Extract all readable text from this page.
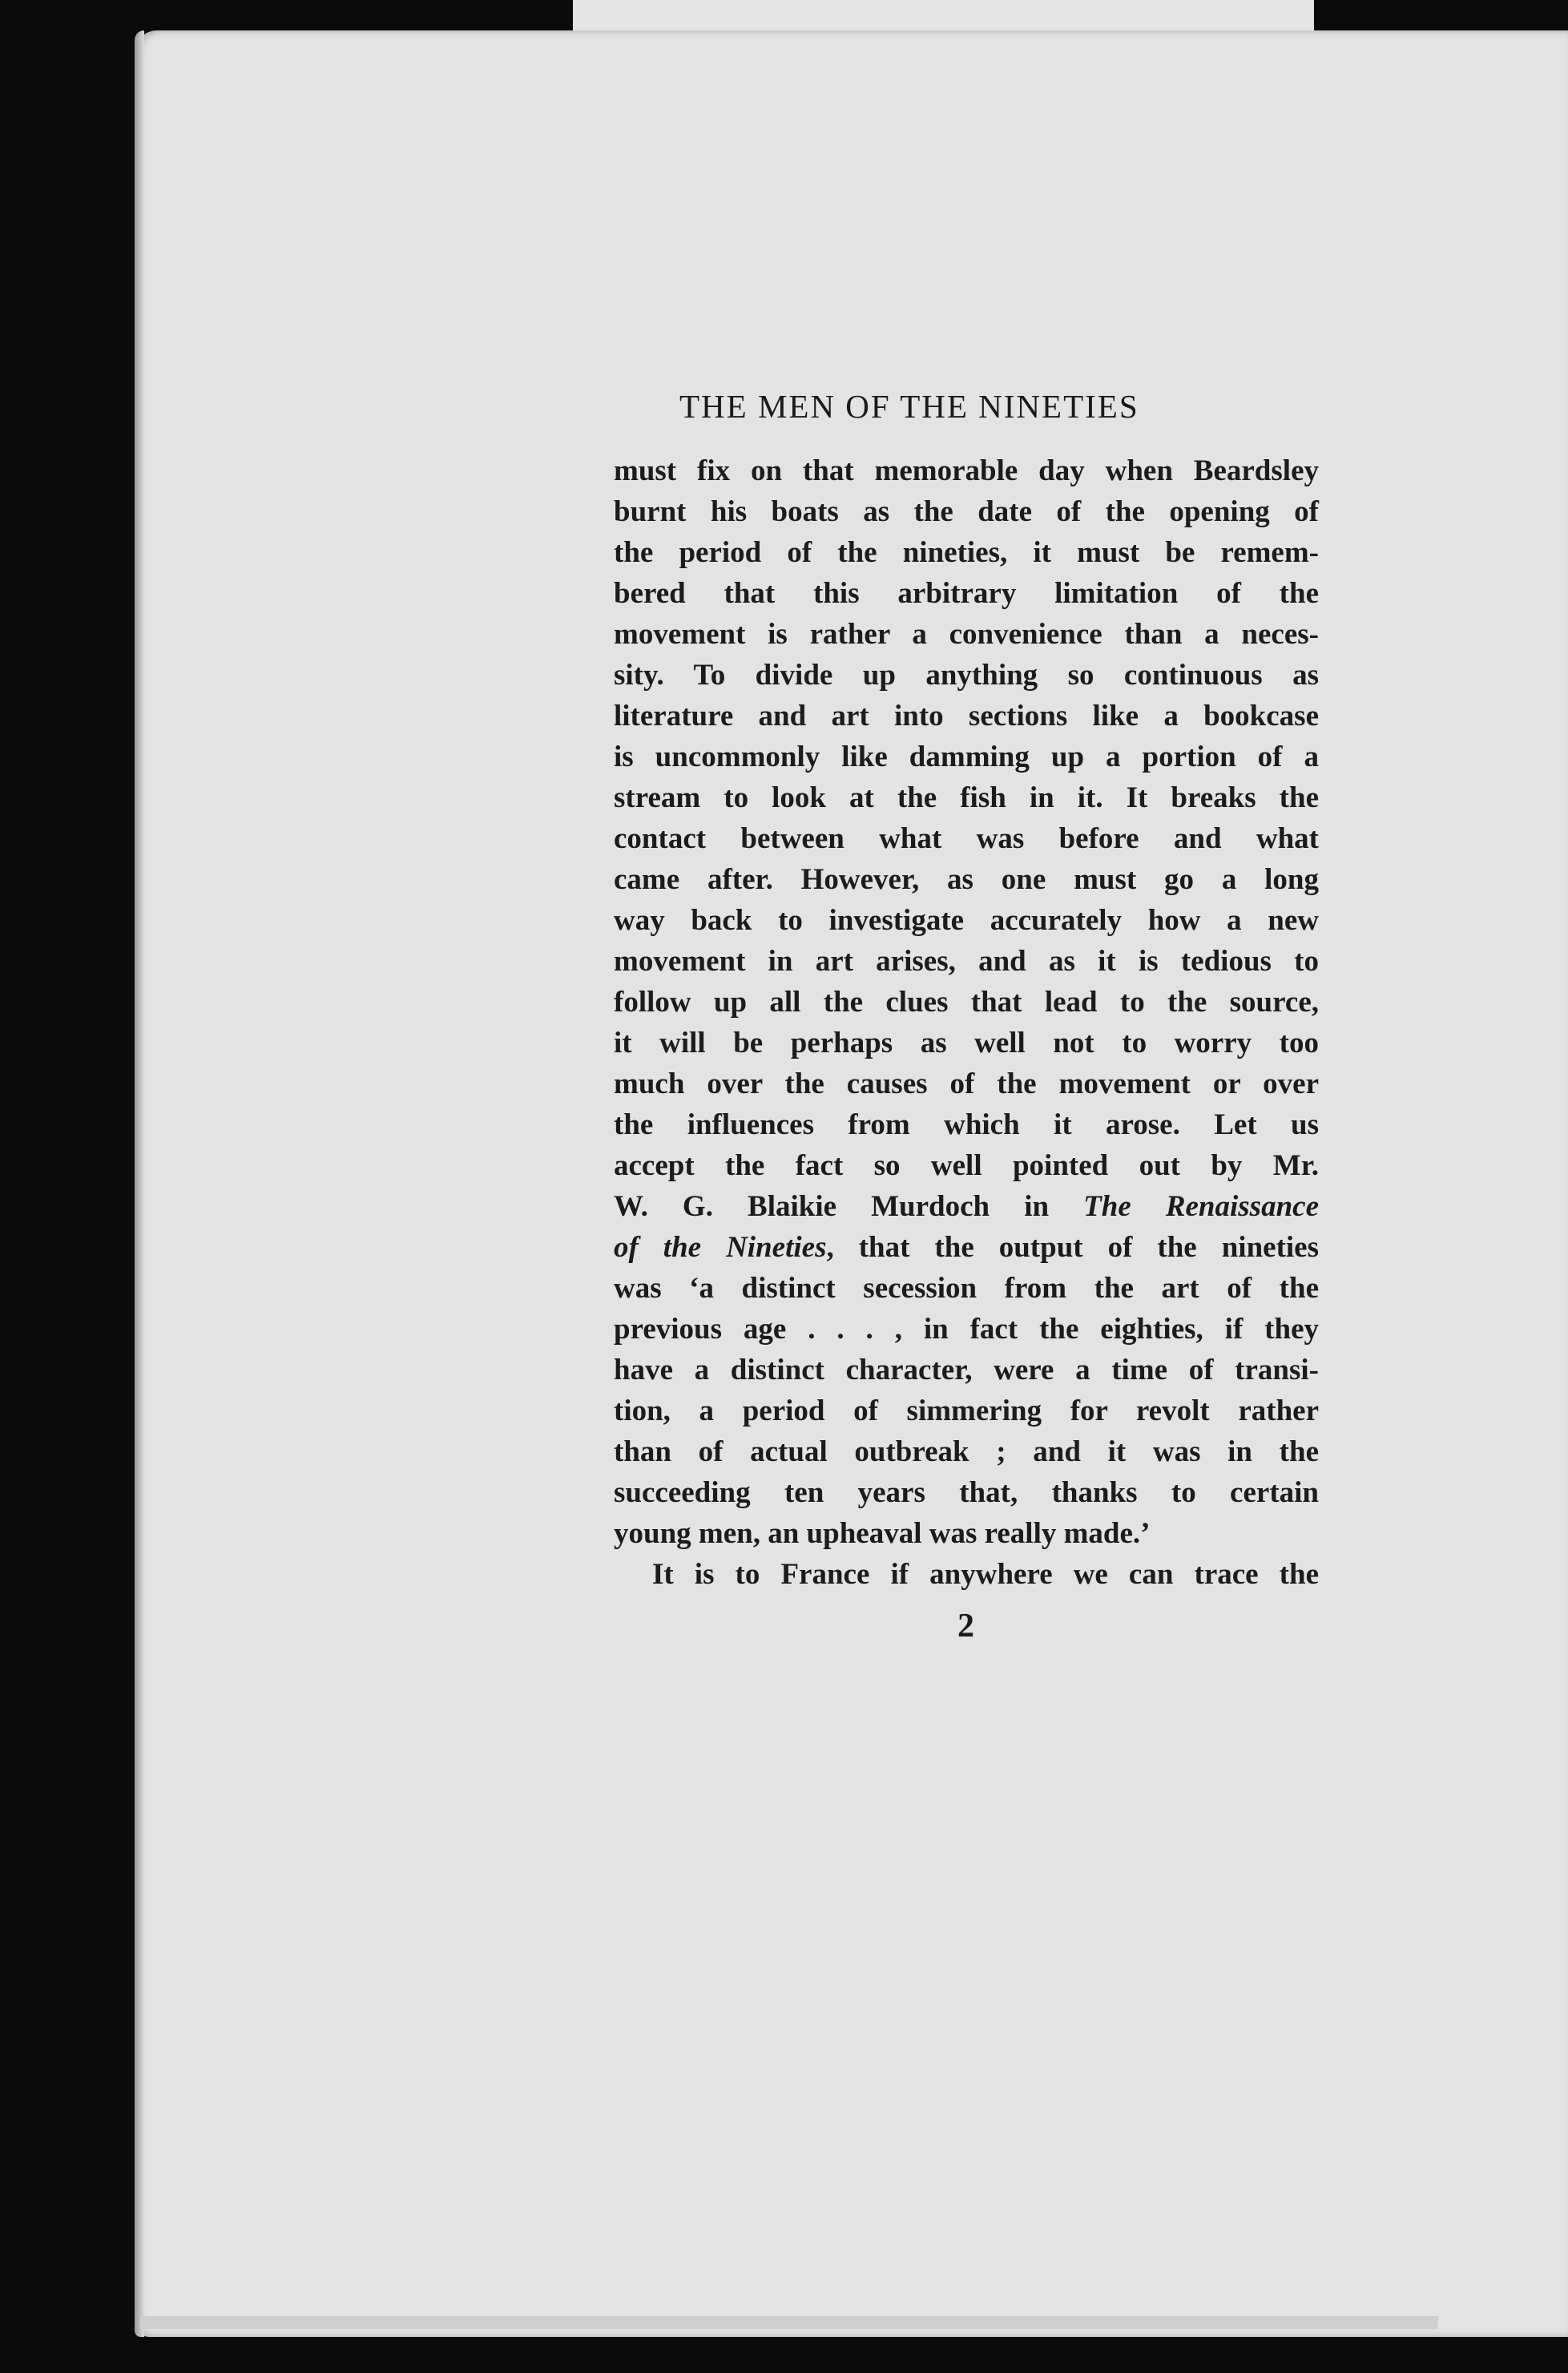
THE MEN OF THE NINETIES
must fix on that memorable day when Beardsley
burnt his boats as the date of the opening of
the period of the nineties, it must be remem-
bered that this arbitrary limitation of the
movement is rather a convenience than a neces-
sity. To divide up anything so continuous as
literature and art into sections like a bookcase
is uncommonly like damming up a portion of a
stream to look at the fish in it. It breaks the
contact between what was before and what
came after. However, as one must go a long
way back to investigate accurately how a new
movement in art arises, and as it is tedious to
follow up all the clues that lead to the source,
it will be perhaps as well not to worry too
much over the causes of the movement or over
the influences from which it arose. Let us
accept the fact so well pointed out by Mr.
W. G. Blaikie Murdoch in The Renaissance
of the Nineties, that the output of the nineties
was ‘a distinct secession from the art of the
previous age . . . , in fact the eighties, if they
have a distinct character, were a time of transi-
tion, a period of simmering for revolt rather
than of actual outbreak ; and it was in the
succeeding ten years that, thanks to certain
young men, an upheaval was really made.’
It is to France if anywhere we can trace the
2
